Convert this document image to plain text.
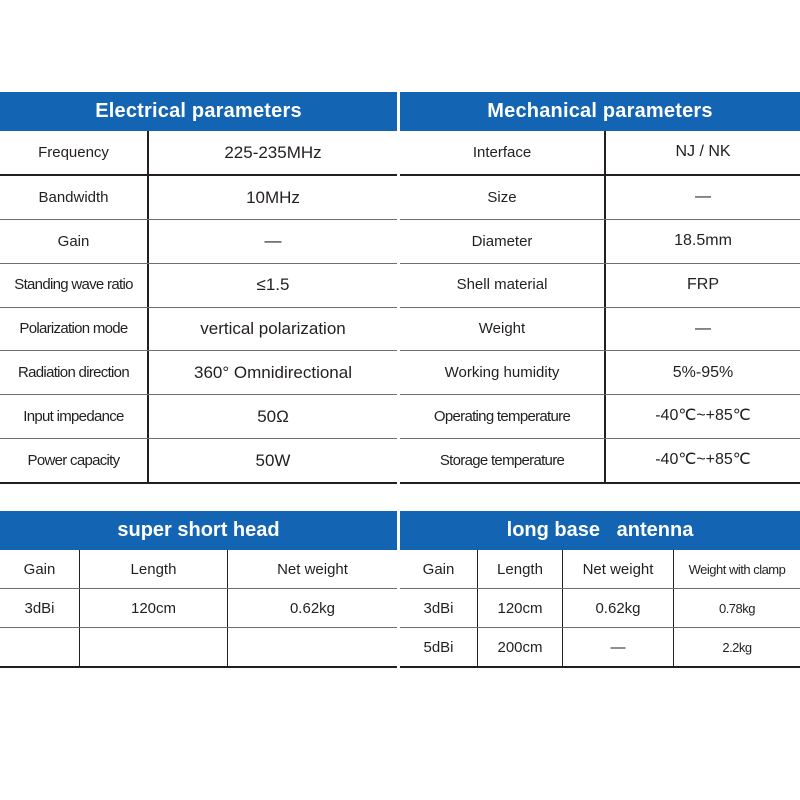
Electrical parameters
Frequency	225-235MHz
Bandwidth	10MHz
Gain	—
Standing wave ratio	≤1.5
Polarization mode	vertical polarization
Radiation direction	360° Omnidirectional
Input impedance	50Ω
Power capacity	50W
Mechanical parameters
Interface	NJ / NK
Size	—
Diameter	18.5mm
Shell material	FRP
Weight	—
Working humidity	5%-95%
Operating temperature	-40℃~+85℃
Storage temperature	-40℃~+85℃
super short head
Gain	Length	Net weight
3dBi	120cm	0.62kg
long base   antenna
Gain	Length	Net weight	Weight with clamp
3dBi	120cm	0.62kg	0.78kg
5dBi	200cm	—	2.2kg
